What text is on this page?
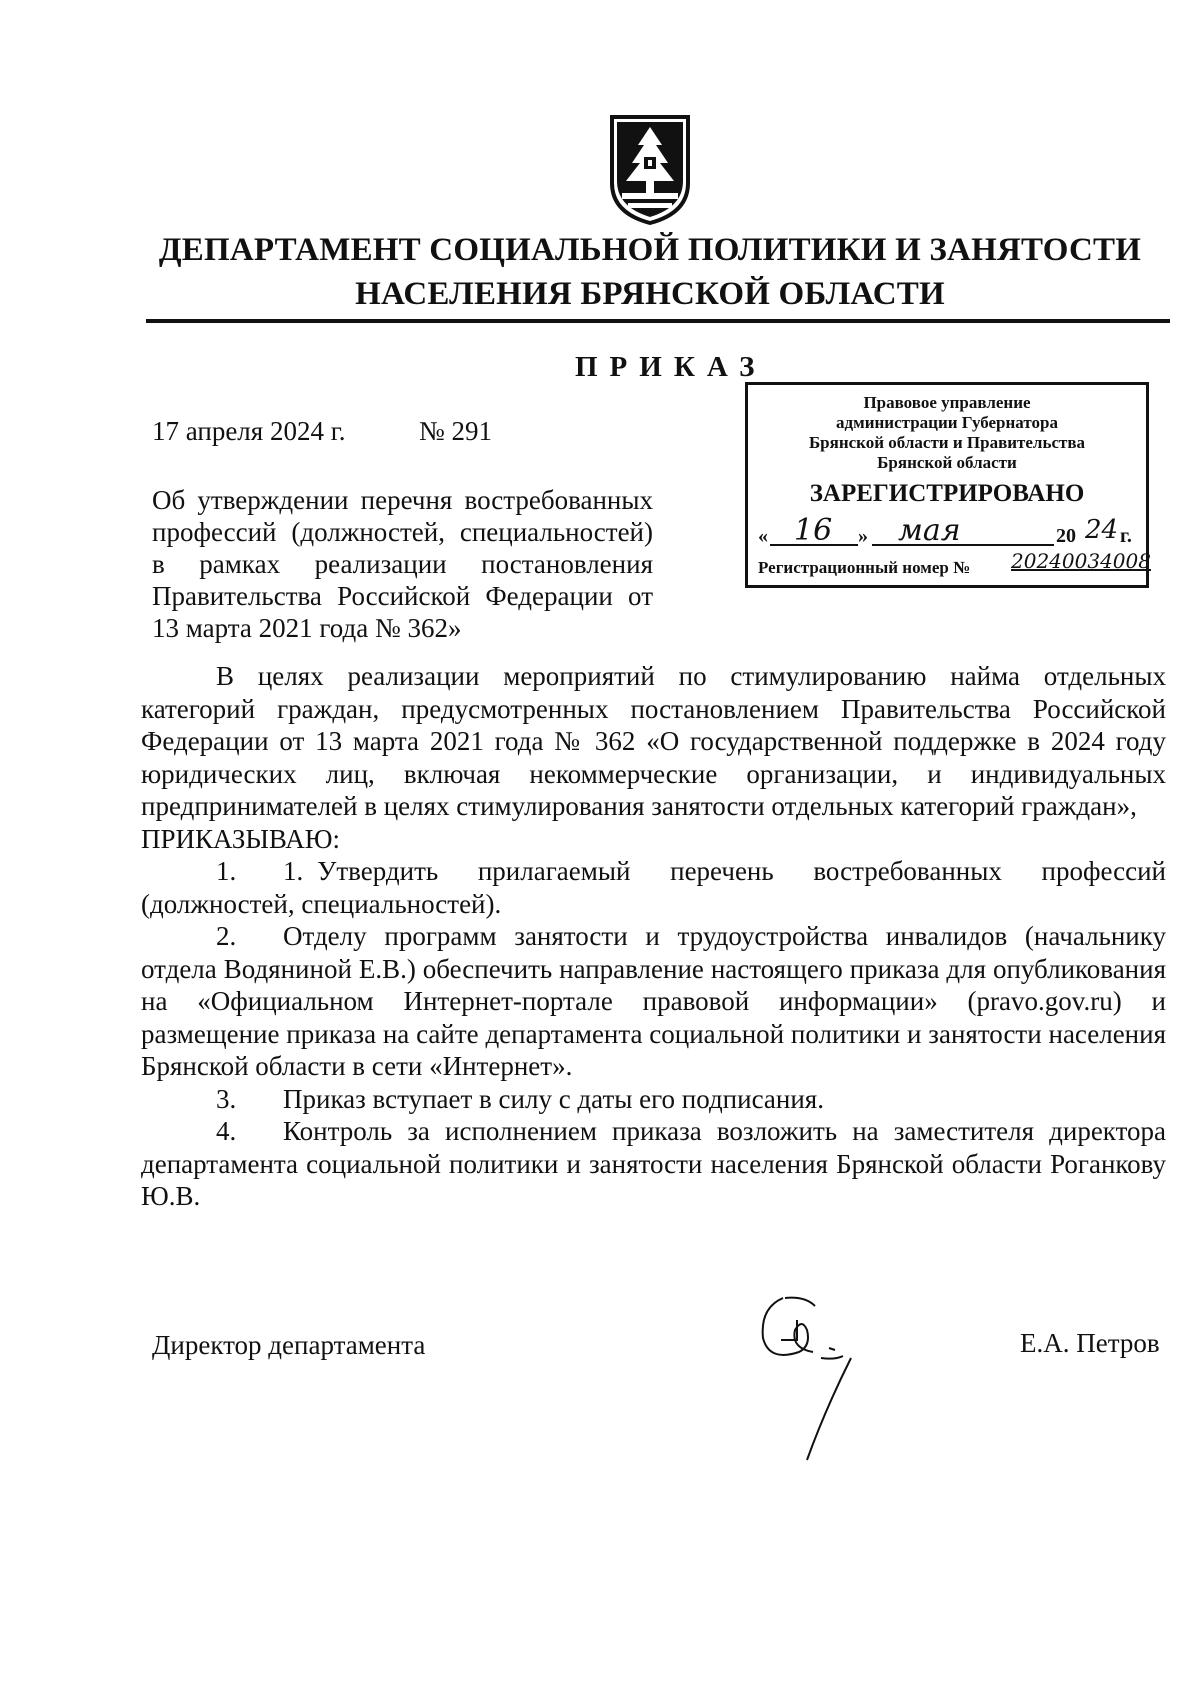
ДЕПАРТАМЕНТ СОЦИАЛЬНОЙ ПОЛИТИКИ И ЗАНЯТОСТИ
НАСЕЛЕНИЯ БРЯНСКОЙ ОБЛАСТИ
ПРИКАЗ
17 апреля 2024 г.	№ 291
Об утверждении перечня востребованных профессий (должностей, специальностей) в рамках реализации постановления Правительства Российской Федерации от 13 марта 2021 года № 362»
Правовое управление
администрации Губернатора
Брянской области и Правительства
Брянской области
ЗАРЕГИСТРИРОВАНО
« 16 » мая	20 24 г.
Регистрационный номер № 20240034008

В целях реализации мероприятий по стимулированию найма отдельных категорий граждан, предусмотренных постановлением Правительства Российской Федерации от 13 марта 2021 года № 362 «О государственной поддержке в 2024 году юридических лиц, включая некоммерческие организации, и индивидуальных предпринимателей в целях стимулирования занятости отдельных категорий граждан»,

ПРИКАЗЫВАЮ:

1. 1. Утвердить прилагаемый перечень востребованных профессий (должностей, специальностей).

2. Отделу программ занятости и трудоустройства инвалидов (начальнику отдела Водяниной Е.В.) обеспечить направление настоящего приказа для опубликования на «Официальном Интернет-портале правовой информации» (pravo.gov.ru) и размещение приказа на сайте департамента социальной политики и занятости населения Брянской области в сети «Интернет».

3. Приказ вступает в силу с даты его подписания.

4. Контроль за исполнением приказа возложить на заместителя директора департамента социальной политики и занятости населения Брянской области Роганкову Ю.В.

Директор департамента	Е.А. Петров
